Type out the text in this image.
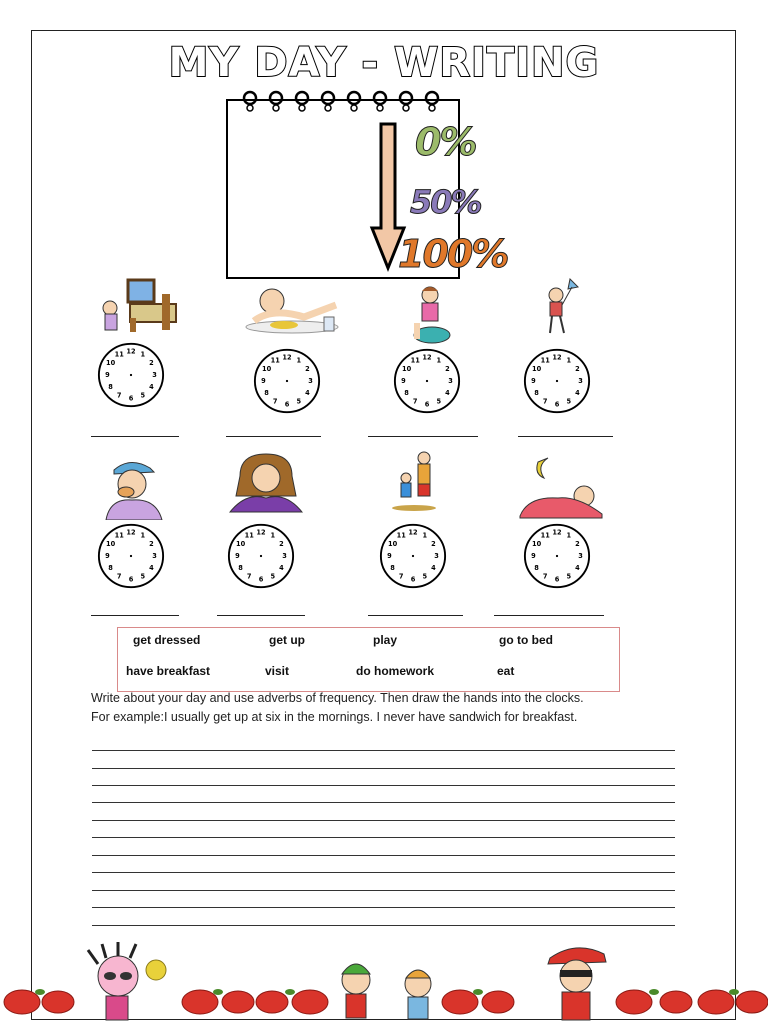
MY DAY - WRITING
0%
50%
100%
12 1
2
3
4
5
6
7
8
9
10
11	12 1
2
3
4
5
6
7
8
9
10
11	12 1
2
3
4
5
6
7
8
9
10
11	12 1
2
3
4
5
6
7
8
9
10
11
12 1
2
3
4
5
6
7
8
9
10
11	12 1
2
3
4
5
6
7
8
9
10
11	12 1
2
3
4
5
6
7
8
9
10
11	12 1
2
3
4
5
6
7
8
9
10
11
get dressed	get up	play	go to bed
have breakfast	visit	do homework	eat
Write about your day and use adverbs of frequency. Then draw the hands into the clocks.
For example:I usually get up at six in the mornings. I never have sandwich for breakfast.
